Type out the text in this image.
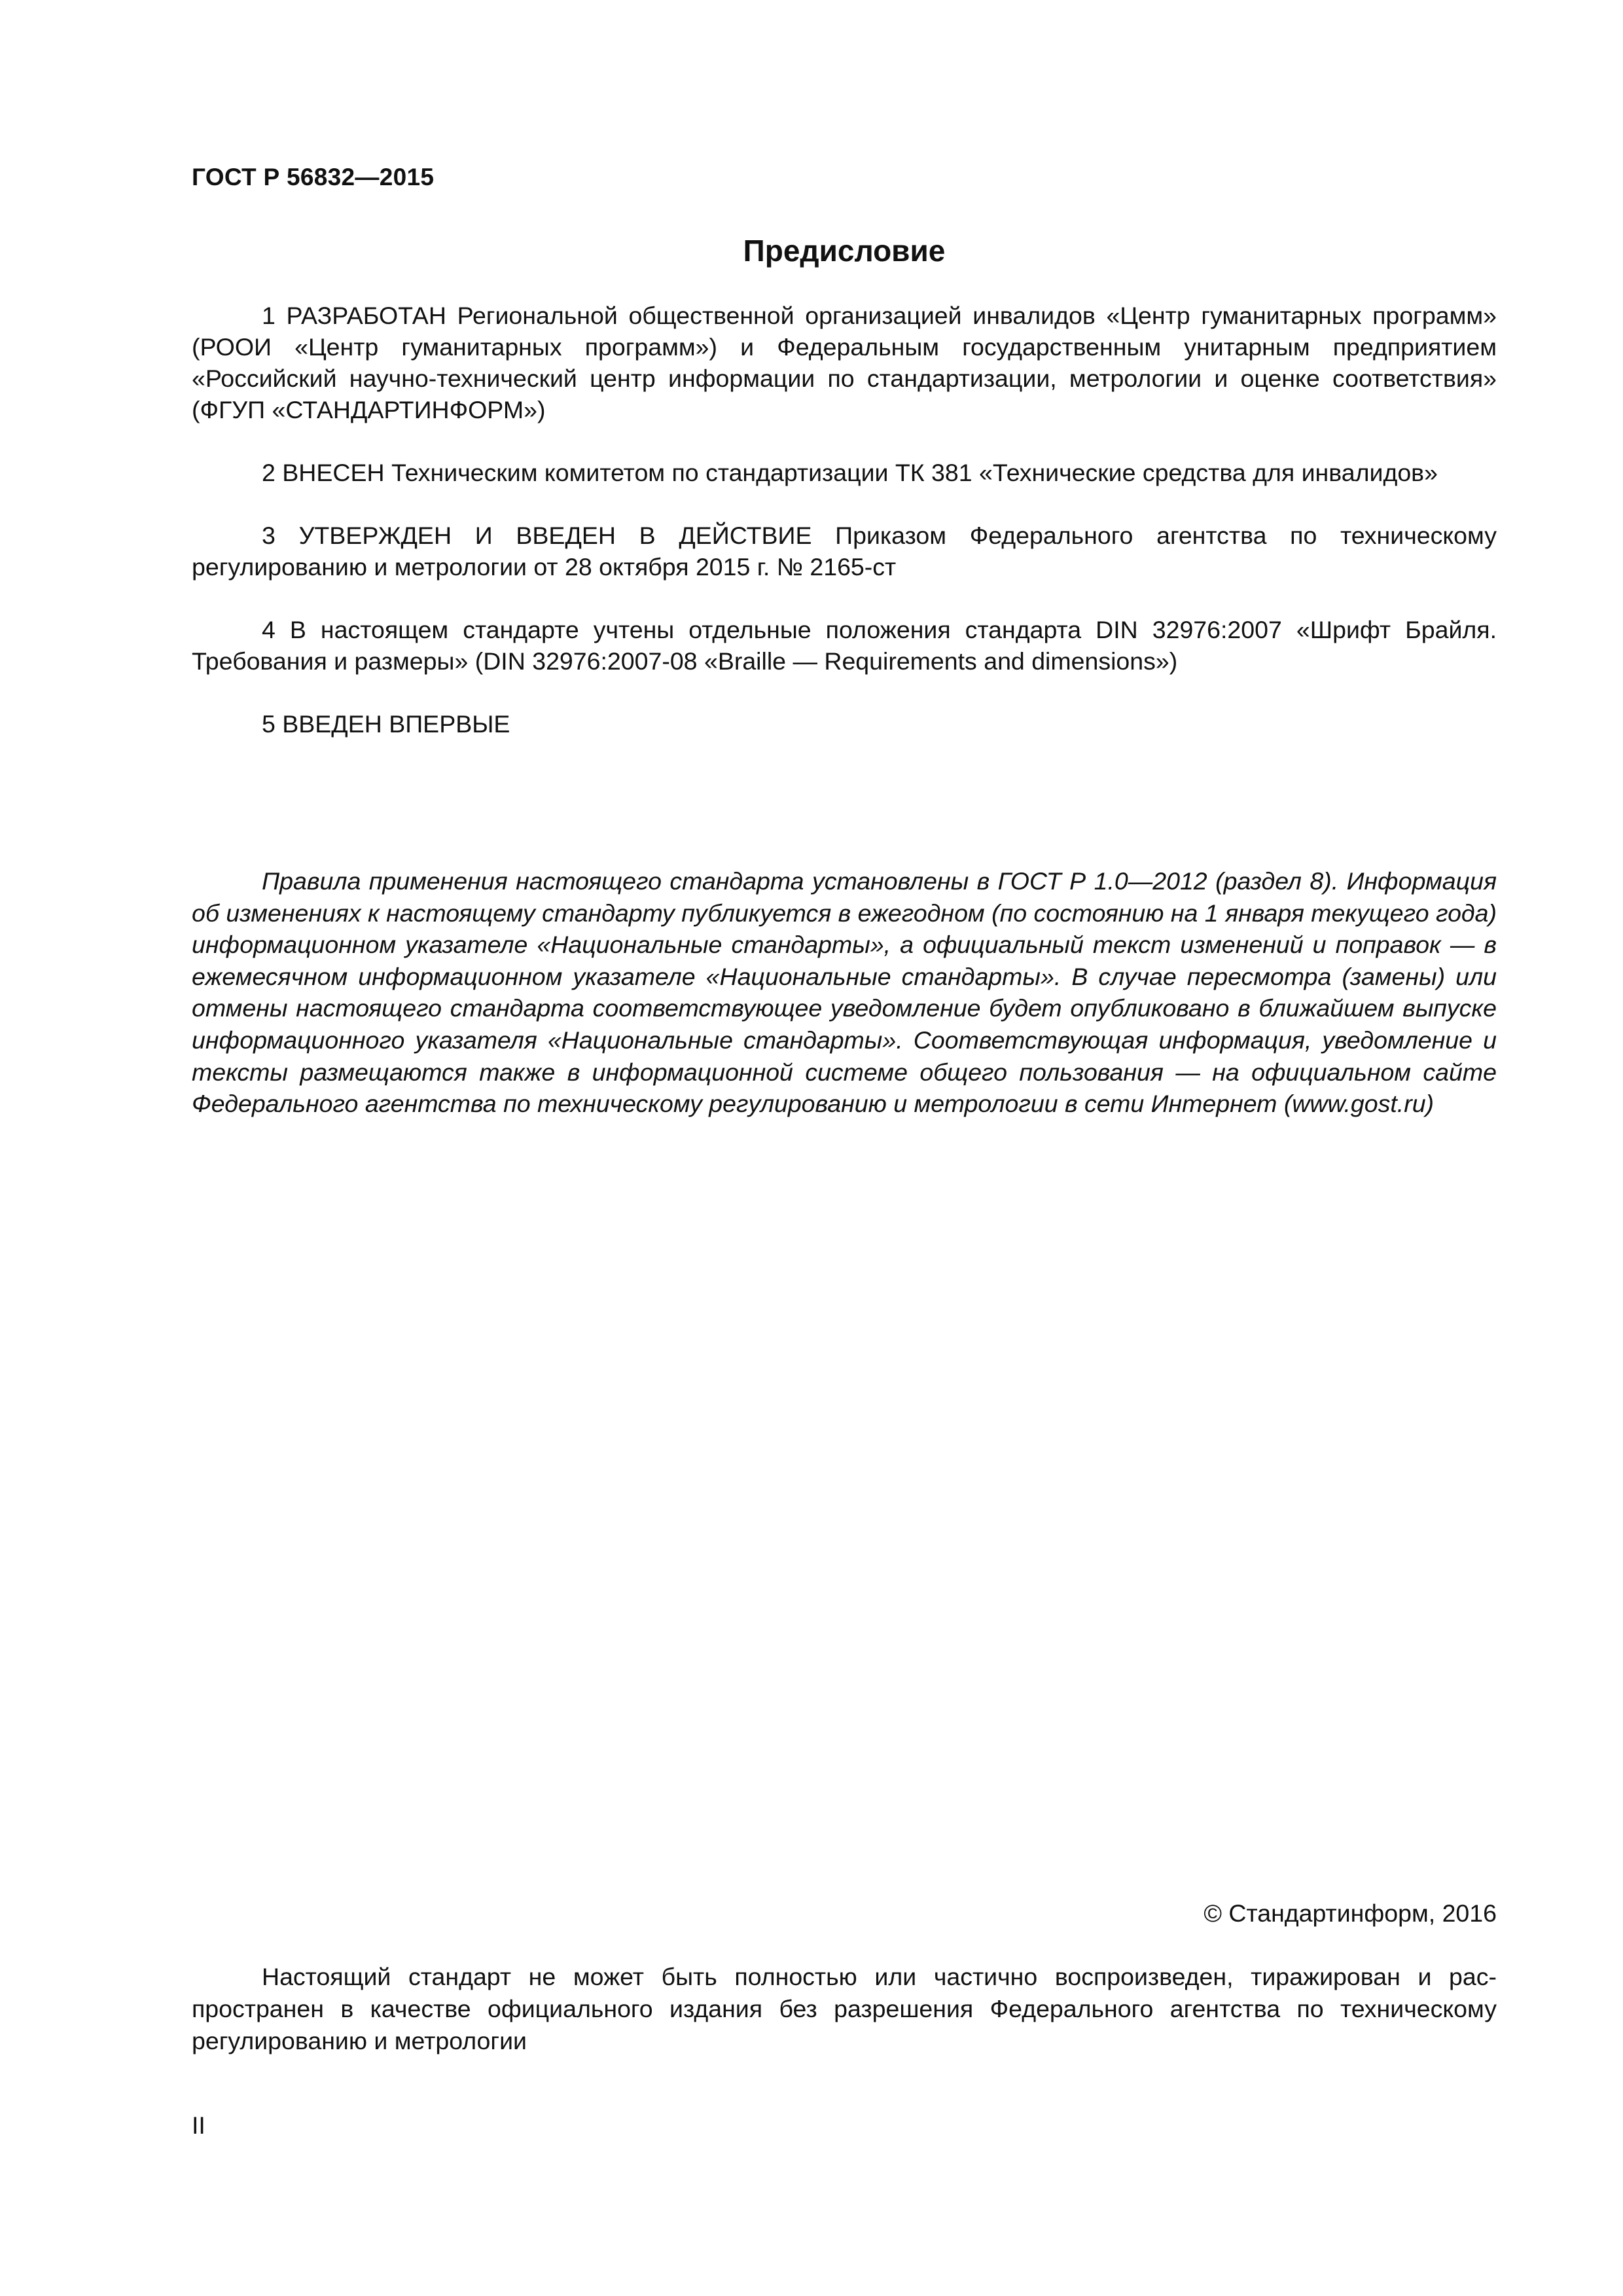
ГОСТ Р 56832—2015
Предисловие

1 РАЗРАБОТАН Региональной общественной организацией инвалидов «Центр гуманитарных программ» (РООИ «Центр гуманитарных программ») и Федеральным государственным унитарным предприятием «Российский научно-технический центр информации по стандартизации, метрологии и оценке соответствия» (ФГУП «СТАНДАРТИНФОРМ»)

2 ВНЕСЕН Техническим комитетом по стандартизации ТК 381 «Технические средства для инвалидов»

3 УТВЕРЖДЕН И ВВЕДЕН В ДЕЙСТВИЕ Приказом Федерального агентства по техническому регулированию и метрологии от 28 октября 2015 г. № 2165-ст

4 В настоящем стандарте учтены отдельные положения стандарта DIN 32976:2007 «Шрифт Брайля. Требования и размеры» (DIN 32976:2007-08 «Braille — Requirements and dimensions»)

5 ВВЕДЕН ВПЕРВЫЕ

Правила применения настоящего стандарта установлены в ГОСТ Р 1.0—2012 (раздел 8). Информация об изменениях к настоящему стандарту публикуется в ежегодном (по состоянию на 1 января текущего года) информационном указателе «Национальные стандарты», а официальный текст изменений и поправок — в ежемесячном информационном указателе «Национальные стандарты». В случае пересмотра (замены) или отмены настоящего стандарта соответствующее уведомление будет опубликовано в ближайшем выпуске информационного указателя «Национальные стандарты». Соответствующая информация, уведомление и тексты размещаются также в информационной системе общего пользования — на официальном сайте Федерального агентства по техническому регулированию и метрологии в сети Интернет (www.gost.ru)

© Стандартинформ, 2016

Настоящий стандарт не может быть полностью или частично воспроизведен, тиражирован и распространен в качестве официального издания без разрешения Федерального агентства по техническому регулированию и метрологии

II
